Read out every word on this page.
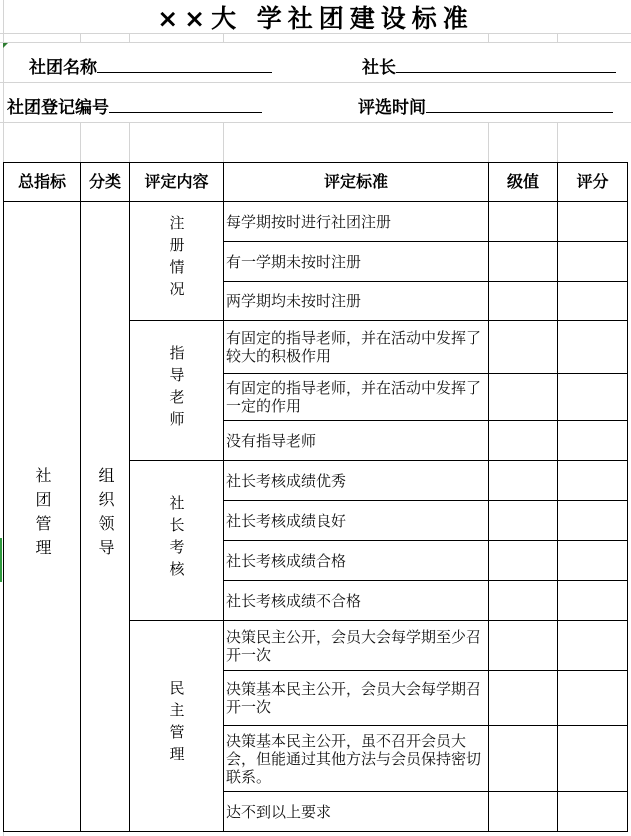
××大 学社团建设标准
社团名称	社长
社团登记编号	评选时间
总指标	分类	评定内容	评定标准	级值	评分
社团管理	组织领导	注册情况	每学期按时进行社团注册		
			有一学期未按时注册		
			两学期均未按时注册		
		指导老师	有固定的指导老师，并在活动中发挥了较大的积极作用		
			有固定的指导老师，并在活动中发挥了一定的作用		
			没有指导老师		
		社长考核	社长考核成绩优秀		
			社长考核成绩良好		
			社长考核成绩合格		
			社长考核成绩不合格		
		民主管理	决策民主公开，会员大会每学期至少召开一次		
			决策基本民主公开，会员大会每学期召开一次		
			决策基本民主公开，虽不召开会员大会，但能通过其他方法与会员保持密切联系。		
			达不到以上要求		
